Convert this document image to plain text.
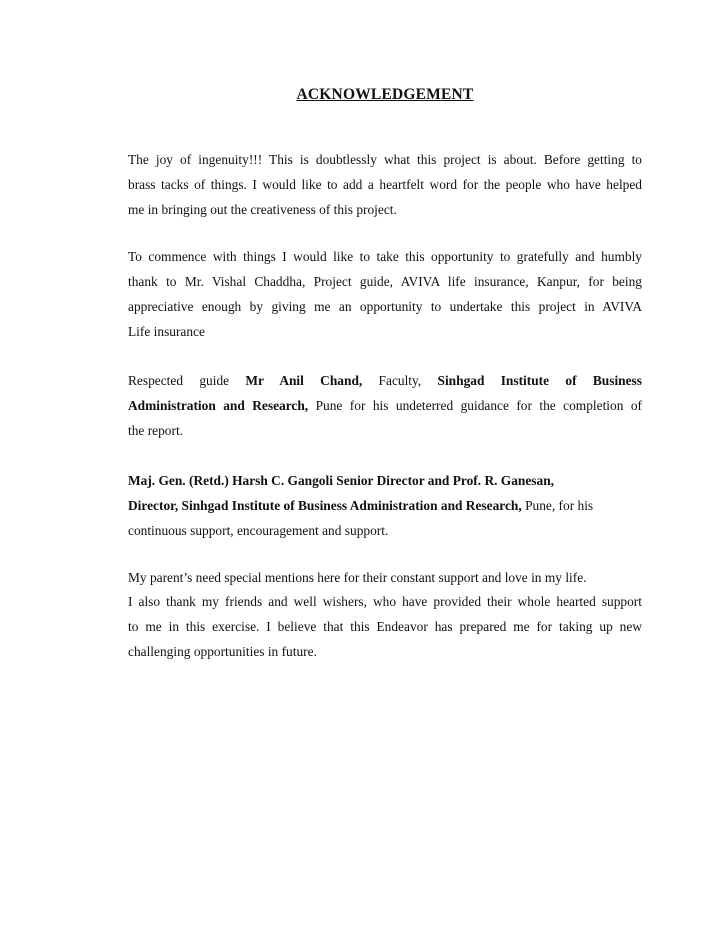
ACKNOWLEDGEMENT

The joy of ingenuity!!! This is doubtlessly what this project is about. Before getting to
brass tacks of things. I would like to add a heartfelt word for the people who have helped
me in bringing out the creativeness of this project.

To commence with things I would like to take this opportunity to gratefully and humbly
thank to Mr. Vishal Chaddha, Project guide, AVIVA life insurance, Kanpur, for being
appreciative enough by giving me an opportunity to undertake this project in AVIVA
Life insurance

Respected guide Mr Anil Chand, Faculty, Sinhgad Institute of Business
Administration and Research, Pune for his undeterred guidance for the completion of
the report.

Maj. Gen. (Retd.) Harsh C. Gangoli Senior Director and Prof. R. Ganesan,
Director, Sinhgad Institute of Business Administration and Research, Pune, for his
continuous support, encouragement and support.

My parent’s need special mentions here for their constant support and love in my life.
I also thank my friends and well wishers, who have provided their whole hearted support
to me in this exercise. I believe that this Endeavor has prepared me for taking up new
challenging opportunities in future.
